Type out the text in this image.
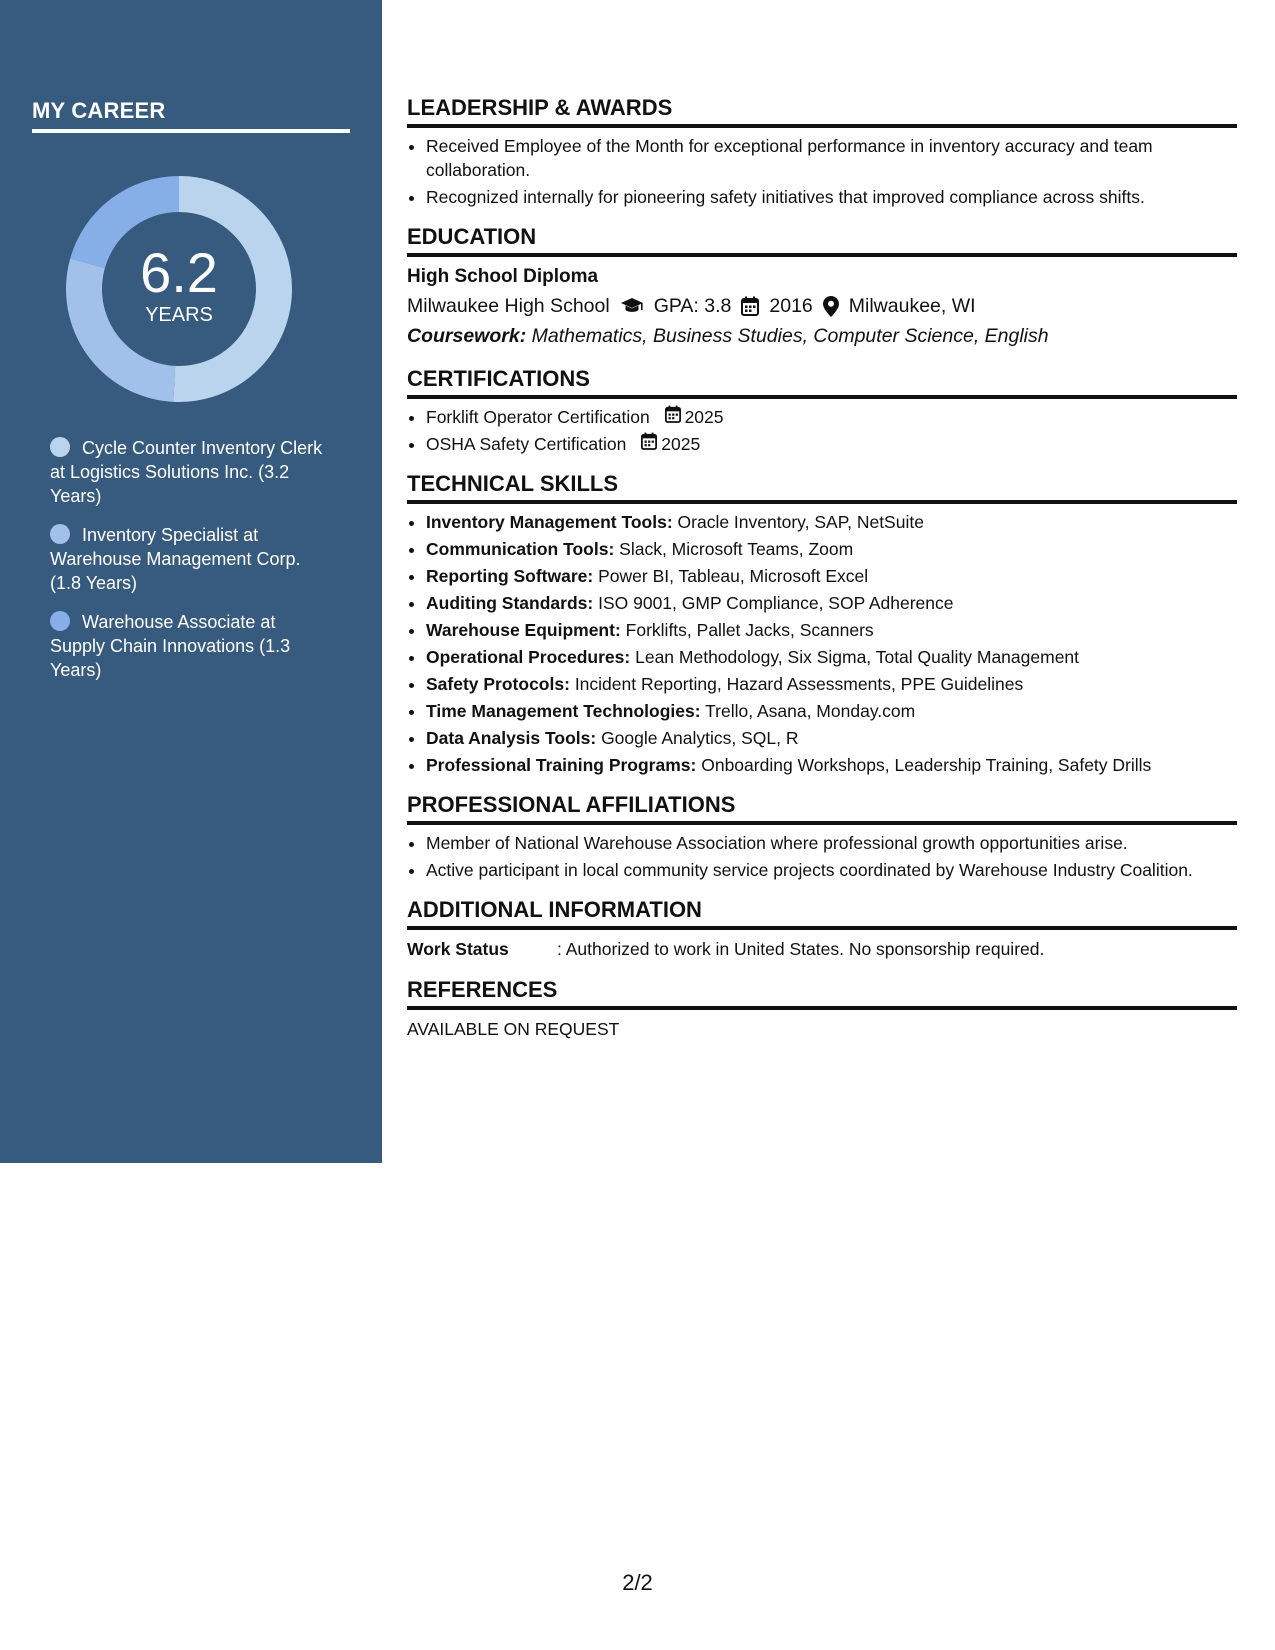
MY CAREER
6.2
YEARS
Cycle Counter Inventory Clerk at Logistics Solutions Inc. (3.2 Years)
Inventory Specialist at Warehouse Management Corp. (1.8 Years)
Warehouse Associate at Supply Chain Innovations (1.3 Years)
LEADERSHIP & AWARDS
• Received Employee of the Month for exceptional performance in inventory accuracy and team collaboration.
• Recognized internally for pioneering safety initiatives that improved compliance across shifts.
EDUCATION
High School Diploma
Milwaukee High School GPA: 3.8 2016 Milwaukee, WI
Coursework: Mathematics, Business Studies, Computer Science, English
CERTIFICATIONS
• Forklift Operator Certification 2025
• OSHA Safety Certification 2025
TECHNICAL SKILLS
• Inventory Management Tools: Oracle Inventory, SAP, NetSuite
• Communication Tools: Slack, Microsoft Teams, Zoom
• Reporting Software: Power BI, Tableau, Microsoft Excel
• Auditing Standards: ISO 9001, GMP Compliance, SOP Adherence
• Warehouse Equipment: Forklifts, Pallet Jacks, Scanners
• Operational Procedures: Lean Methodology, Six Sigma, Total Quality Management
• Safety Protocols: Incident Reporting, Hazard Assessments, PPE Guidelines
• Time Management Technologies: Trello, Asana, Monday.com
• Data Analysis Tools: Google Analytics, SQL, R
• Professional Training Programs: Onboarding Workshops, Leadership Training, Safety Drills
PROFESSIONAL AFFILIATIONS
• Member of National Warehouse Association where professional growth opportunities arise.
• Active participant in local community service projects coordinated by Warehouse Industry Coalition.
ADDITIONAL INFORMATION
Work Status	: Authorized to work in United States. No sponsorship required.
REFERENCES
AVAILABLE ON REQUEST
2/2
